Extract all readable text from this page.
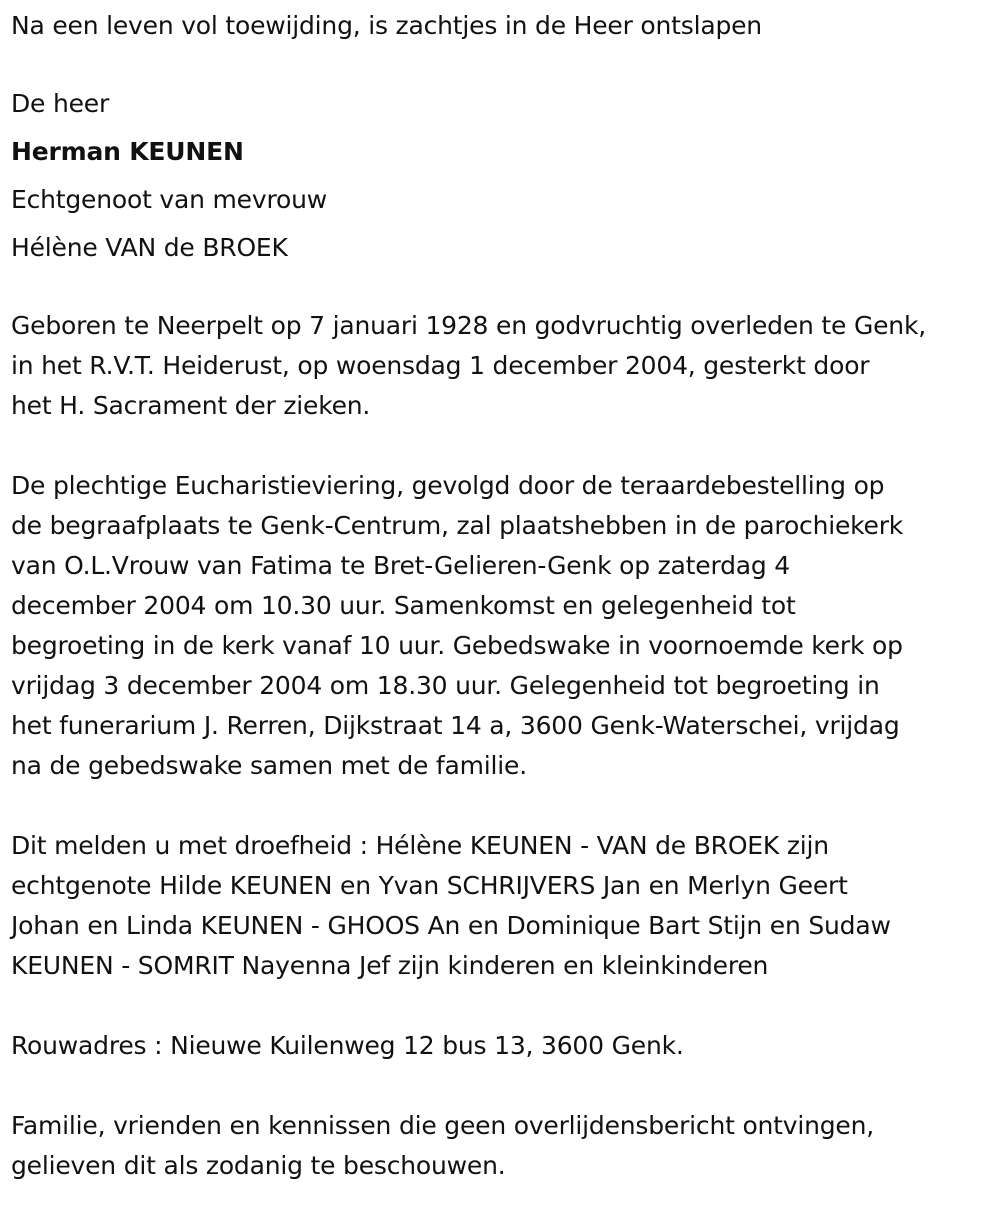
Na een leven vol toewijding, is zachtjes in de Heer ontslapen

De heer

Herman KEUNEN

Echtgenoot van mevrouw

Hélène VAN de BROEK

Geboren te Neerpelt op 7 januari 1928 en godvruchtig overleden te Genk,

in het R.V.T. Heiderust, op woensdag 1 december 2004, gesterkt door

het H. Sacrament der zieken.

De plechtige Eucharistieviering, gevolgd door de teraardebestelling op

de begraafplaats te Genk-Centrum, zal plaatshebben in de parochiekerk

van O.L.Vrouw van Fatima te Bret-Gelieren-Genk op zaterdag 4

december 2004 om 10.30 uur. Samenkomst en gelegenheid tot

begroeting in de kerk vanaf 10 uur. Gebedswake in voornoemde kerk op

vrijdag 3 december 2004 om 18.30 uur. Gelegenheid tot begroeting in

het funerarium J. Rerren, Dijkstraat 14 a, 3600 Genk-Waterschei, vrijdag

na de gebedswake samen met de familie.

Dit melden u met droefheid : Hélène KEUNEN - VAN de BROEK zijn

echtgenote Hilde KEUNEN en Yvan SCHRIJVERS Jan en Merlyn Geert

Johan en Linda KEUNEN - GHOOS An en Dominique Bart Stijn en Sudaw

KEUNEN - SOMRIT Nayenna Jef zijn kinderen en kleinkinderen

Rouwadres : Nieuwe Kuilenweg 12 bus 13, 3600 Genk.

Familie, vrienden en kennissen die geen overlijdensbericht ontvingen,

gelieven dit als zodanig te beschouwen.
